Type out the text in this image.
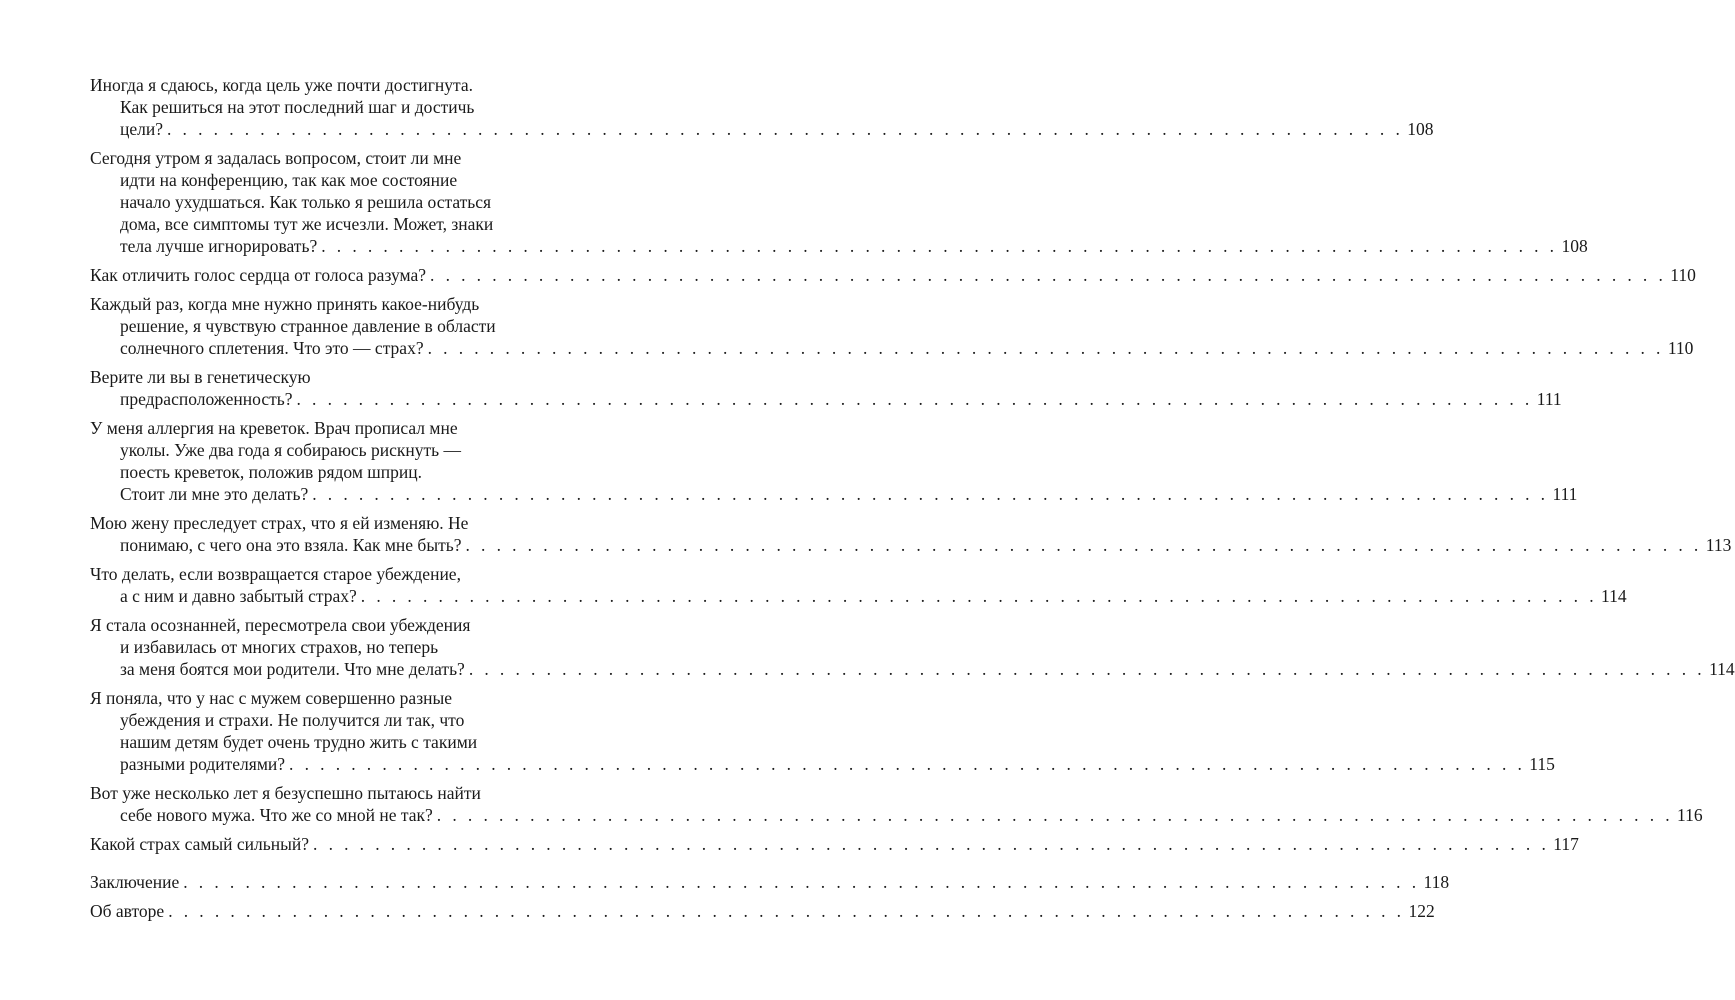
Иногда я сдаюсь, когда цель уже почти достигнута.
Как решиться на этот последний шаг и достичь
цели? . . . . . . . . . . . . . . . . . . . . . . . . . . . . . . . . . . . . . . . . . . . . . . . . . . . . . . . . . . . . . . . . . . . . . . . . . . . . . . . . 108
Сегодня утром я задалась вопросом, стоит ли мне
идти на конференцию, так как мое состояние
начало ухудшаться. Как только я решила остаться
дома, все симптомы тут же исчезли. Может, знаки
тела лучше игнорировать? . . . . . . . . . . . . . . . . . . . . . . . . . . . . . . . . . . . . . . . . . . . . . . . . . . . . . . . . . . . . . . . . . . . . . . . . . . . . . . . . 108
Как отличить голос сердца от голоса разума? . . . . . . . . . . . . . . . . . . . . . . . . . . . . . . . . . . . . . . . . . . . . . . . . . . . . . . . . . . . . . . . . . . . . . . . . . . . . . . . . 110
Каждый раз, когда мне нужно принять какое-нибудь
решение, я чувствую странное давление в области
солнечного сплетения. Что это — страх? . . . . . . . . . . . . . . . . . . . . . . . . . . . . . . . . . . . . . . . . . . . . . . . . . . . . . . . . . . . . . . . . . . . . . . . . . . . . . . . . 110
Верите ли вы в генетическую
предрасположенность? . . . . . . . . . . . . . . . . . . . . . . . . . . . . . . . . . . . . . . . . . . . . . . . . . . . . . . . . . . . . . . . . . . . . . . . . . . . . . . . . 111
У меня аллергия на креветок. Врач прописал мне
уколы. Уже два года я собираюсь рискнуть —
поесть креветок, положив рядом шприц.
Стоит ли мне это делать? . . . . . . . . . . . . . . . . . . . . . . . . . . . . . . . . . . . . . . . . . . . . . . . . . . . . . . . . . . . . . . . . . . . . . . . . . . . . . . . . 111
Мою жену преследует страх, что я ей изменяю. Не
понимаю, с чего она это взяла. Как мне быть? . . . . . . . . . . . . . . . . . . . . . . . . . . . . . . . . . . . . . . . . . . . . . . . . . . . . . . . . . . . . . . . . . . . . . . . . . . . . . . . . 113
Что делать, если возвращается старое убеждение,
а с ним и давно забытый страх? . . . . . . . . . . . . . . . . . . . . . . . . . . . . . . . . . . . . . . . . . . . . . . . . . . . . . . . . . . . . . . . . . . . . . . . . . . . . . . . . 114
Я стала осознанней, пересмотрела свои убеждения
и избавилась от многих страхов, но теперь
за меня боятся мои родители. Что мне делать? . . . . . . . . . . . . . . . . . . . . . . . . . . . . . . . . . . . . . . . . . . . . . . . . . . . . . . . . . . . . . . . . . . . . . . . . . . . . . . . . 114
Я поняла, что у нас с мужем совершенно разные
убеждения и страхи. Не получится ли так, что
нашим детям будет очень трудно жить с такими
разными родителями? . . . . . . . . . . . . . . . . . . . . . . . . . . . . . . . . . . . . . . . . . . . . . . . . . . . . . . . . . . . . . . . . . . . . . . . . . . . . . . . . 115
Вот уже несколько лет я безуспешно пытаюсь найти
себе нового мужа. Что же со мной не так? . . . . . . . . . . . . . . . . . . . . . . . . . . . . . . . . . . . . . . . . . . . . . . . . . . . . . . . . . . . . . . . . . . . . . . . . . . . . . . . . 116
Какой страх самый сильный? . . . . . . . . . . . . . . . . . . . . . . . . . . . . . . . . . . . . . . . . . . . . . . . . . . . . . . . . . . . . . . . . . . . . . . . . . . . . . . . . 117
Заключение . . . . . . . . . . . . . . . . . . . . . . . . . . . . . . . . . . . . . . . . . . . . . . . . . . . . . . . . . . . . . . . . . . . . . . . . . . . . . . . . 118
Об авторе . . . . . . . . . . . . . . . . . . . . . . . . . . . . . . . . . . . . . . . . . . . . . . . . . . . . . . . . . . . . . . . . . . . . . . . . . . . . . . . . 122
